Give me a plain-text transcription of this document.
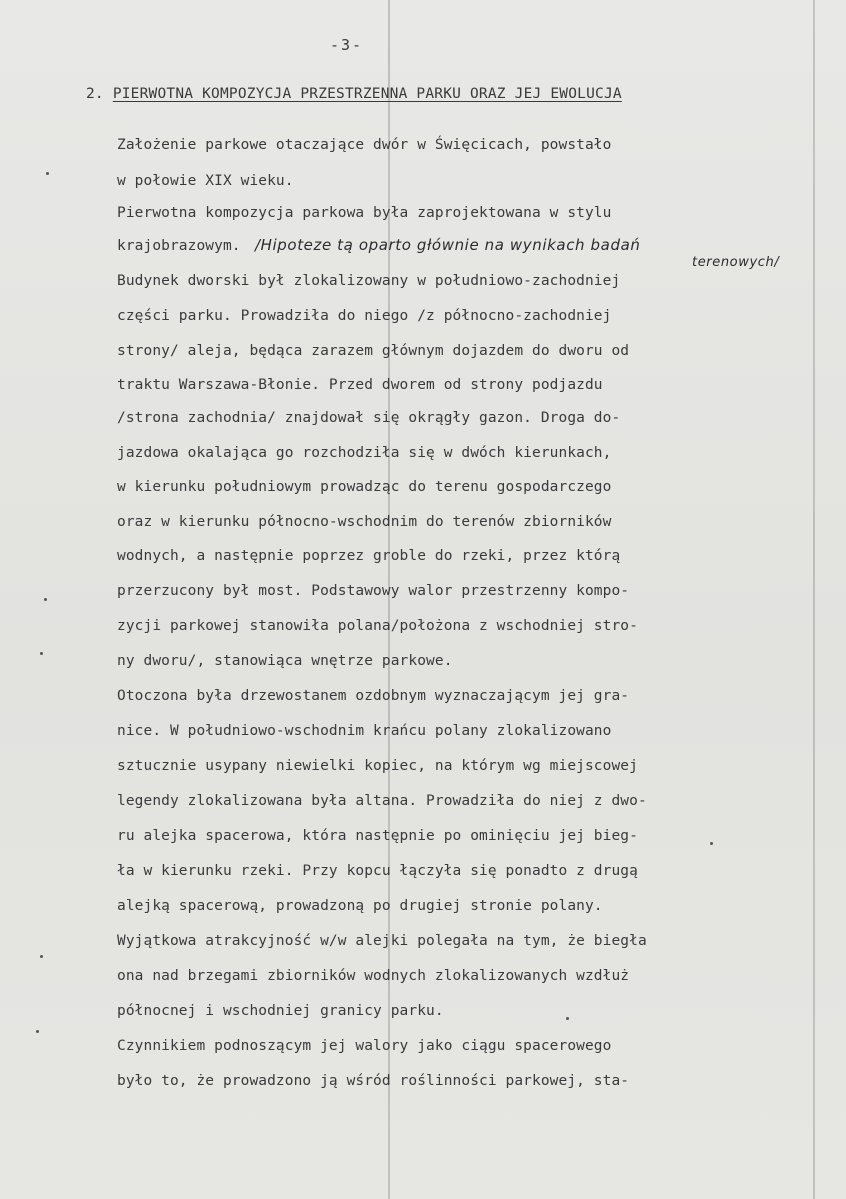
-3-
2. PIERWOTNA KOMPOZYCJA PRZESTRZENNA PARKU ORAZ JEJ EWOLUCJA
Założenie parkowe otaczające dwór w Święcicach, powstało
w połowie XIX wieku.
Pierwotna kompozycja parkowa była zaprojektowana w stylu
krajobrazowym.
Budynek dworski był zlokalizowany w południowo-zachodniej
części parku. Prowadziła do niego /z północno-zachodniej
strony/ aleja, będąca zarazem głównym dojazdem do dworu od
traktu Warszawa-Błonie. Przed dworem od strony podjazdu
/strona zachodnia/ znajdował się okrągły gazon. Droga do-
jazdowa okalająca go rozchodziła się w dwóch kierunkach,
w kierunku południowym prowadząc do terenu gospodarczego
oraz w kierunku północno-wschodnim do terenów zbiorników
wodnych, a następnie poprzez groble do rzeki, przez którą
przerzucony był most. Podstawowy walor przestrzenny kompo-
zycji parkowej stanowiła polana/położona z wschodniej stro-
ny dworu/, stanowiąca wnętrze parkowe.
Otoczona była drzewostanem ozdobnym wyznaczającym jej gra-
nice. W południowo-wschodnim krańcu polany zlokalizowano
sztucznie usypany niewielki kopiec, na którym wg miejscowej
legendy zlokalizowana była altana. Prowadziła do niej z dwo-
ru alejka spacerowa, która następnie po ominięciu jej bieg-
ła w kierunku rzeki. Przy kopcu łączyła się ponadto z drugą
alejką spacerową, prowadzoną po drugiej stronie polany.
Wyjątkowa atrakcyjność w/w alejki polegała na tym, że biegła
ona nad brzegami zbiorników wodnych zlokalizowanych wzdłuż
północnej i wschodniej granicy parku.
Czynnikiem podnoszącym jej walory jako ciągu spacerowego
było to, że prowadzono ją wśród roślinności parkowej, sta-
/Hipoteze tą oparto głównie na wynikach badań
terenowych/
